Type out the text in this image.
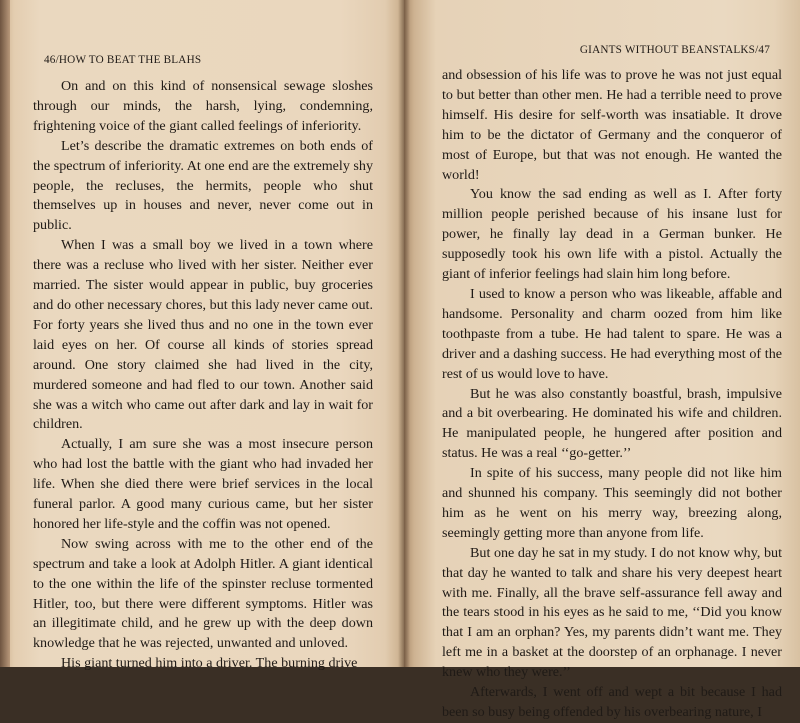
46/HOW TO BEAT THE BLAHS

On and on this kind of nonsensical sewage sloshes through our minds, the harsh, lying, condemning, frightening voice of the giant called feelings of inferiority.

Let’s describe the dramatic extremes on both ends of the spectrum of inferiority. At one end are the extremely shy people, the recluses, the hermits, people who shut themselves up in houses and never, never come out in public.

When I was a small boy we lived in a town where there was a recluse who lived with her sister. Neither ever married. The sister would appear in public, buy groceries and do other necessary chores, but this lady never came out. For forty years she lived thus and no one in the town ever laid eyes on her. Of course all kinds of stories spread around. One story claimed she had lived in the city, murdered someone and had fled to our town. Another said she was a witch who came out after dark and lay in wait for children.

Actually, I am sure she was a most insecure person who had lost the battle with the giant who had invaded her life. When she died there were brief services in the local funeral parlor. A good many curious came, but her sister honored her life-style and the coffin was not opened.

Now swing across with me to the other end of the spectrum and take a look at Adolph Hitler. A giant identical to the one within the life of the spinster recluse tormented Hitler, too, but there were different symptoms. Hitler was an illegitimate child, and he grew up with the deep down knowledge that he was rejected, unwanted and unloved.

His giant turned him into a driver. The burning drive

GIANTS WITHOUT BEANSTALKS/47

and obsession of his life was to prove he was not just equal to but better than other men. He had a terrible need to prove himself. His desire for self-worth was insatiable. It drove him to be the dictator of Germany and the conqueror of most of Europe, but that was not enough. He wanted the world!

You know the sad ending as well as I. After forty million people perished because of his insane lust for power, he finally lay dead in a German bunker. He supposedly took his own life with a pistol. Actually the giant of inferior feelings had slain him long before.

I used to know a person who was likeable, affable and handsome. Personality and charm oozed from him like toothpaste from a tube. He had talent to spare. He was a driver and a dashing success. He had everything most of the rest of us would love to have.

But he was also constantly boastful, brash, impulsive and a bit overbearing. He dominated his wife and children. He manipulated people, he hungered after position and status. He was a real ‘‘go-getter.’’

In spite of his success, many people did not like him and shunned his company. This seemingly did not bother him as he went on his merry way, breezing along, seemingly getting more than anyone from life.

But one day he sat in my study. I do not know why, but that day he wanted to talk and share his very deepest heart with me. Finally, all the brave self-assurance fell away and the tears stood in his eyes as he said to me, ‘‘Did you know that I am an orphan? Yes, my parents didn’t want me. They left me in a basket at the doorstep of an orphanage. I never knew who they were.’’

Afterwards, I went off and wept a bit because I had been so busy being offended by his overbearing nature, I
